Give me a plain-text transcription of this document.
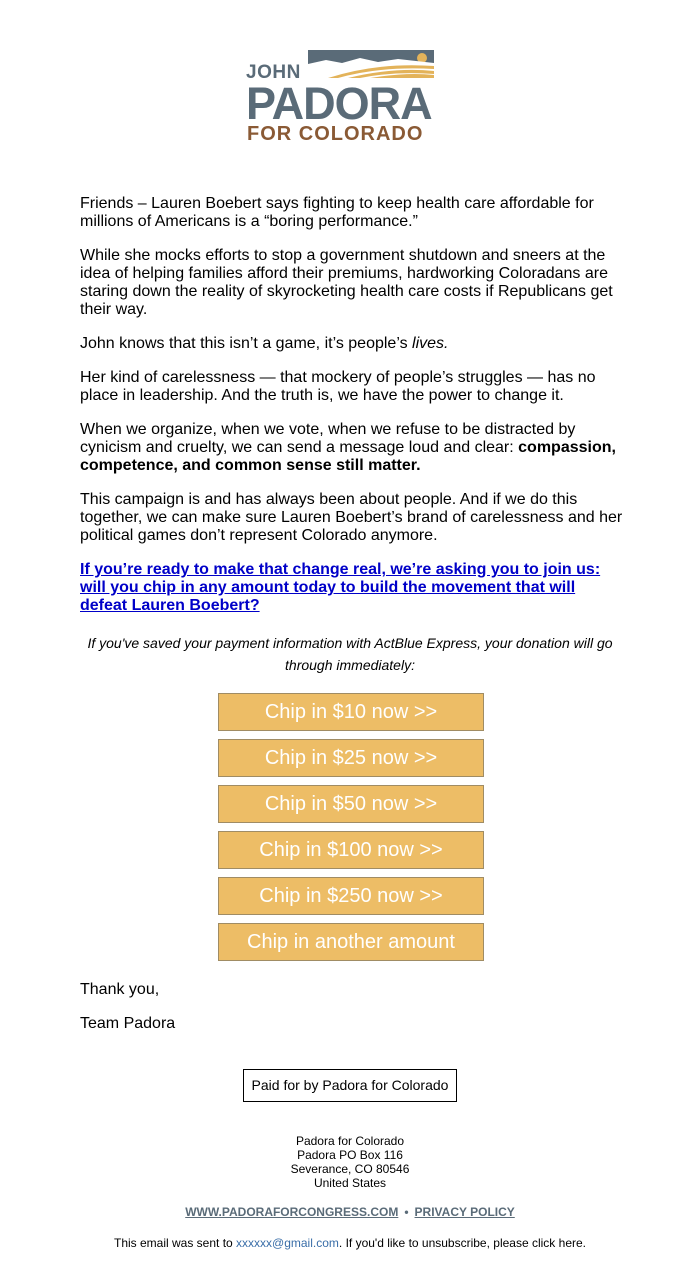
JOHN
PADORA
FOR COLORADO
Friends – Lauren Boebert says fighting to keep health care affordable for millions of Americans is a “boring performance.”
While she mocks efforts to stop a government shutdown and sneers at the idea of helping families afford their premiums, hardworking Coloradans are staring down the reality of skyrocketing health care costs if Republicans get their way.
John knows that this isn’t a game, it’s people’s lives.
Her kind of carelessness — that mockery of people’s struggles — has no place in leadership. And the truth is, we have the power to change it.
When we organize, when we vote, when we refuse to be distracted by cynicism and cruelty, we can send a message loud and clear: compassion, competence, and common sense still matter.
This campaign is and has always been about people. And if we do this together, we can make sure Lauren Boebert’s brand of carelessness and her political games don’t represent Colorado anymore.
If you’re ready to make that change real, we’re asking you to join us: will you chip in any amount today to build the movement that will defeat Lauren Boebert?
If you've saved your payment information with ActBlue Express, your donation will go through immediately:
Chip in $10 now >>
Chip in $25 now >>
Chip in $50 now >>
Chip in $100 now >>
Chip in $250 now >>
Chip in another amount
Thank you,
Team Padora
Paid for by Padora for Colorado
Padora for Colorado
Padora PO Box 116
Severance, CO 80546
United States
WWW.PADORAFORCONGRESS.COM • PRIVACY POLICY
This email was sent to xxxxxx@gmail.com. If you'd like to unsubscribe, please click here.
